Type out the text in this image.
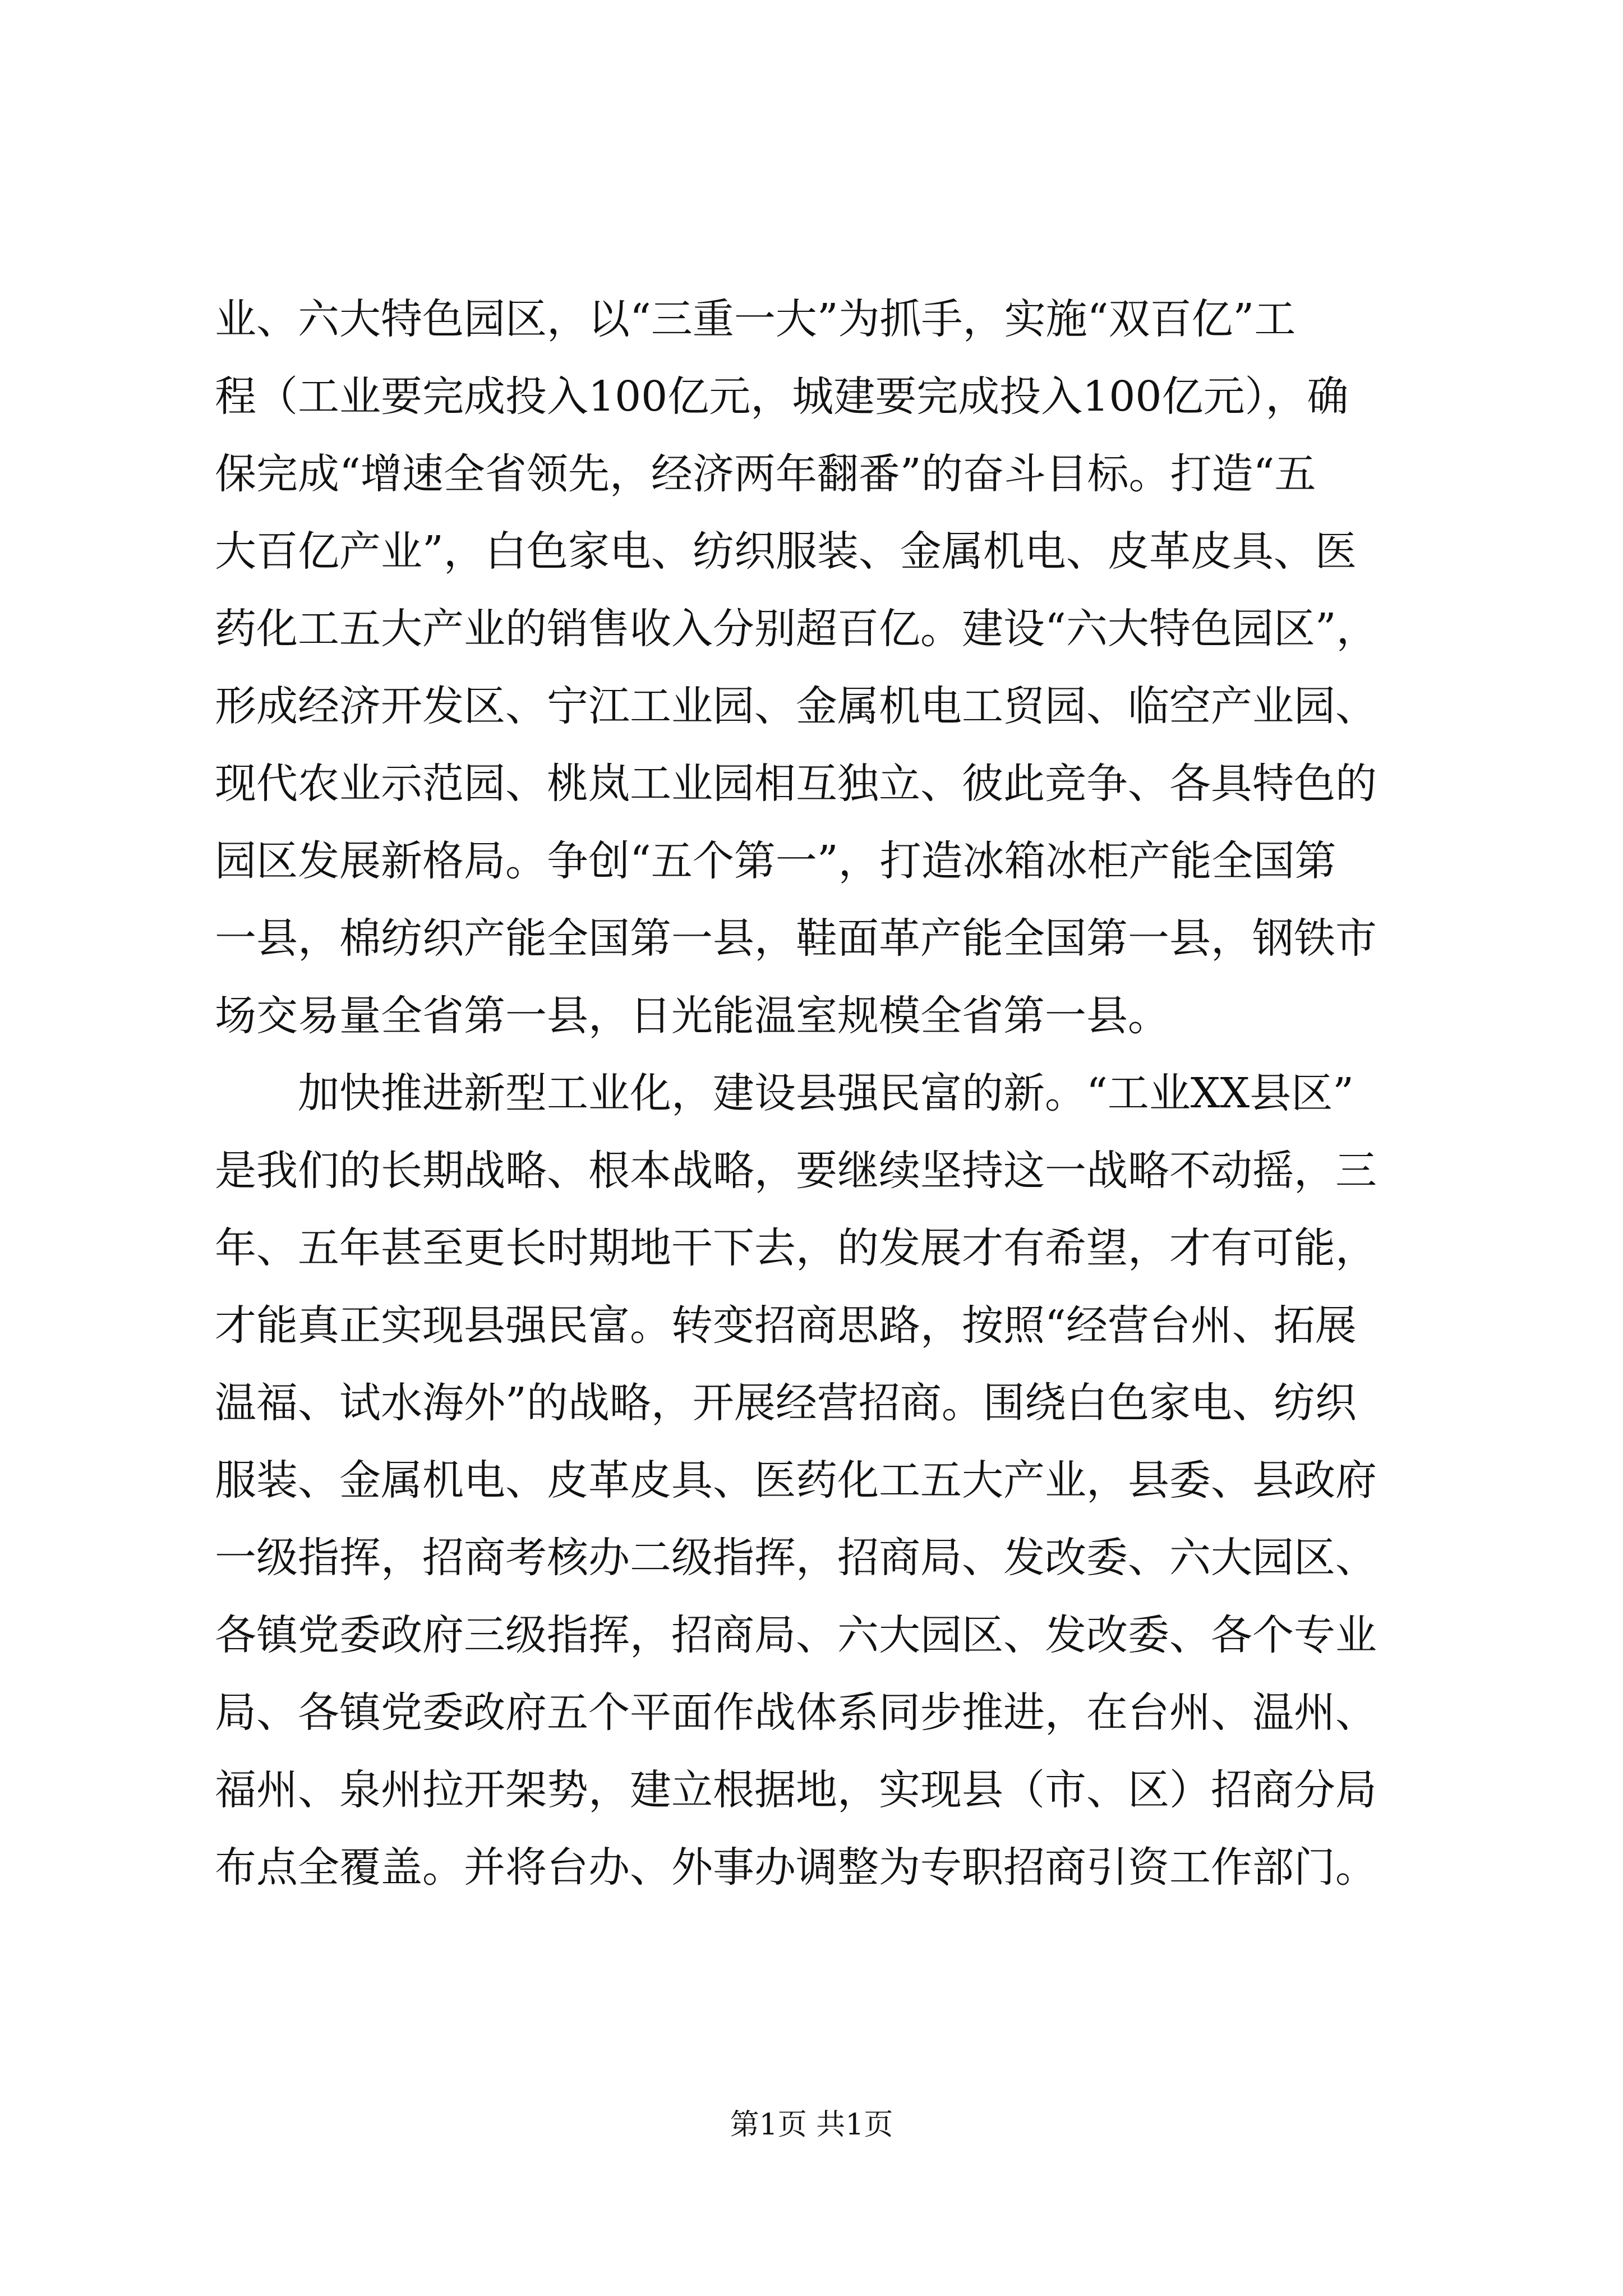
业、六大特色园区，以“三重一大”为抓手，实施“双百亿”工
程（工业要完成投入100亿元，城建要完成投入100亿元），确
保完成“增速全省领先，经济两年翻番”的奋斗目标。打造“五
大百亿产业”，白色家电、纺织服装、金属机电、皮革皮具、医
药化工五大产业的销售收入分别超百亿。建设“六大特色园区”，
形成经济开发区、宁江工业园、金属机电工贸园、临空产业园、
现代农业示范园、桃岚工业园相互独立、彼此竞争、各具特色的
园区发展新格局。争创“五个第一”，打造冰箱冰柜产能全国第
一县，棉纺织产能全国第一县，鞋面革产能全国第一县，钢铁市
场交易量全省第一县，日光能温室规模全省第一县。
加快推进新型工业化，建设县强民富的新。“工业XX县区”
是我们的长期战略、根本战略，要继续坚持这一战略不动摇，三
年、五年甚至更长时期地干下去，的发展才有希望，才有可能，
才能真正实现县强民富。转变招商思路，按照“经营台州、拓展
温福、试水海外”的战略，开展经营招商。围绕白色家电、纺织
服装、金属机电、皮革皮具、医药化工五大产业，县委、县政府
一级指挥，招商考核办二级指挥，招商局、发改委、六大园区、
各镇党委政府三级指挥，招商局、六大园区、发改委、各个专业
局、各镇党委政府五个平面作战体系同步推进，在台州、温州、
福州、泉州拉开架势，建立根据地，实现县（市、区）招商分局
布点全覆盖。并将台办、外事办调整为专职招商引资工作部门。
第1页 共1页
